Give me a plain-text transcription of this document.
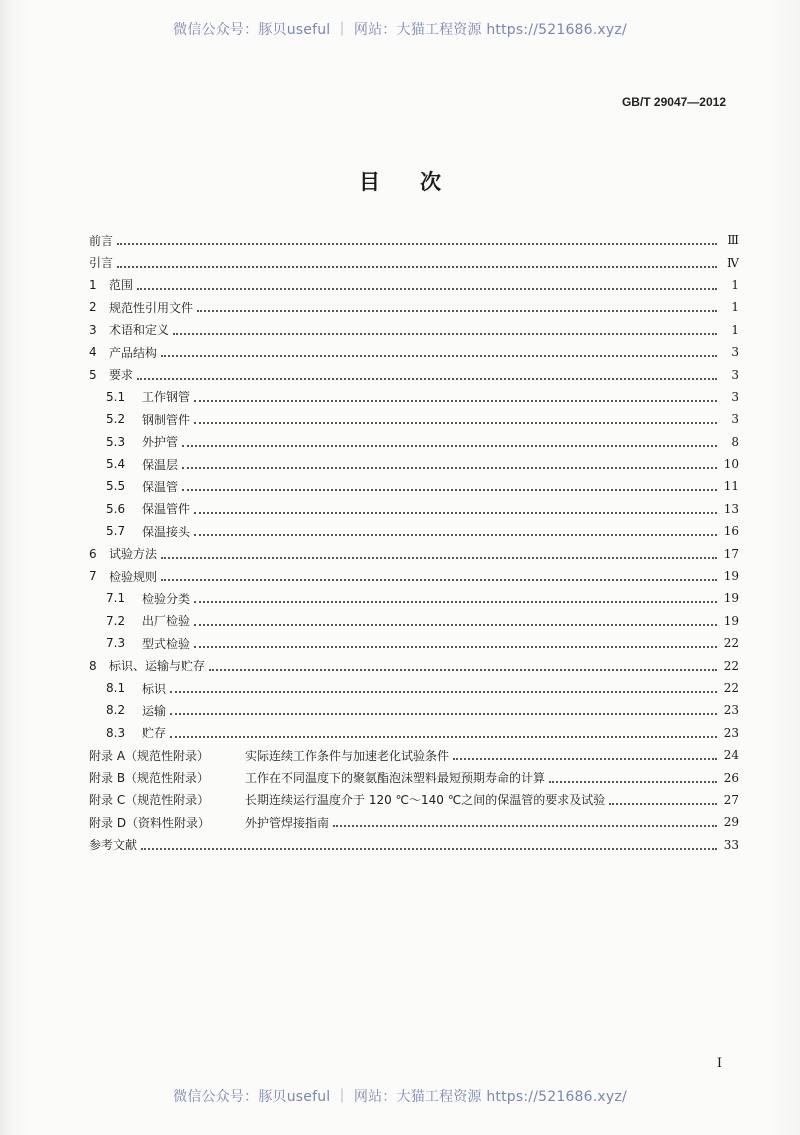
微信公众号：豚贝useful ｜ 网站：大猫工程资源 https://521686.xyz/
GB/T 29047—2012
目次
前言	Ⅲ
引言	Ⅳ
1	范围	1
2	规范性引用文件	1
3	术语和定义	1
4	产品结构	3
5	要求	3
5.1	工作钢管	3
5.2	钢制管件	3
5.3	外护管	8
5.4	保温层	10
5.5	保温管	11
5.6	保温管件	13
5.7	保温接头	16
6	试验方法	17
7	检验规则	19
7.1	检验分类	19
7.2	出厂检验	19
7.3	型式检验	22
8	标识、运输与贮存	22
8.1	标识	22
8.2	运输	23
8.3	贮存	23
附录 A（规范性附录）	实际连续工作条件与加速老化试验条件	24
附录 B（规范性附录）	工作在不同温度下的聚氨酯泡沫塑料最短预期寿命的计算	26
附录 C（规范性附录）	长期连续运行温度介于 120 ℃～140 ℃之间的保温管的要求及试验	27
附录 D（资料性附录）	外护管焊接指南	29
参考文献	33
I
微信公众号：豚贝useful ｜ 网站：大猫工程资源 https://521686.xyz/
